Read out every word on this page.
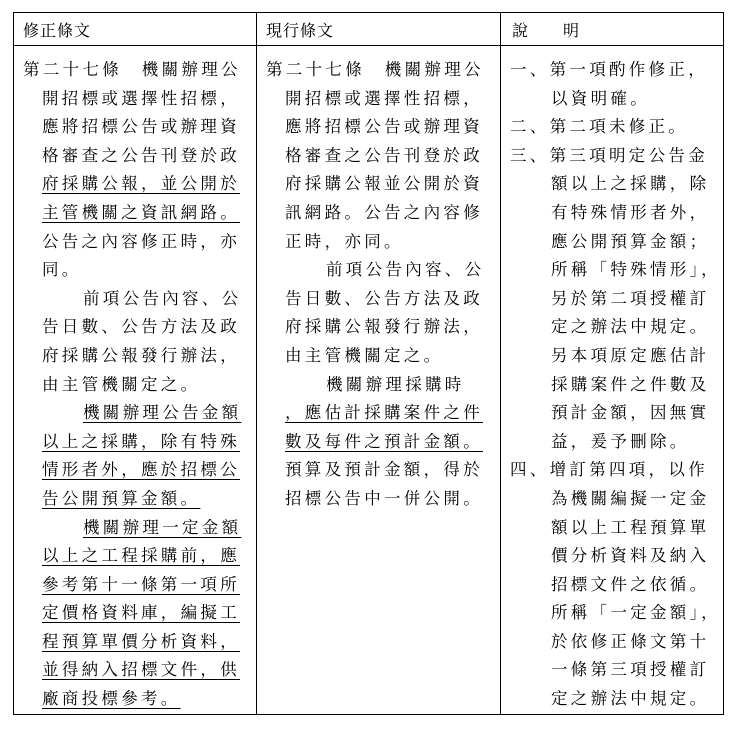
修正條文	現行條文	說　　明
第二十七條　機關辦理公
開招標或選擇性招標，
應將招標公告或辦理資
格審查之公告刊登於政
府採購公報，並公開於
主管機關之資訊網路。
公告之內容修正時，亦
同。
前項公告內容、公
告日數、公告方法及政
府採購公報發行辦法，
由主管機關定之。
機關辦理公告金額
以上之採購，除有特殊
情形者外，應於招標公
告公開預算金額。
機關辦理一定金額
以上之工程採購前，應
參考第十一條第一項所
定價格資料庫，編擬工
程預算單價分析資料，
並得納入招標文件，供
廠商投標參考。
第二十七條　機關辦理公
開招標或選擇性招標，
應將招標公告或辦理資
格審查之公告刊登於政
府採購公報並公開於資
訊網路。公告之內容修
正時，亦同。
前項公告內容、公
告日數、公告方法及政
府採購公報發行辦法，
由主管機關定之。
機關辦理採購時
，應估計採購案件之件
數及每件之預計金額。
預算及預計金額，得於
招標公告中一併公開。
一、第一項酌作修正，
以資明確。
二、第二項未修正。
三、第三項明定公告金
額以上之採購，除
有特殊情形者外，
應公開預算金額；
所稱「特殊情形」，
另於第二項授權訂
定之辦法中規定。
另本項原定應估計
採購案件之件數及
預計金額，因無實
益，爰予刪除。
四、增訂第四項，以作
為機關編擬一定金
額以上工程預算單
價分析資料及納入
招標文件之依循。
所稱「一定金額」，
於依修正條文第十
一條第三項授權訂
定之辦法中規定。
